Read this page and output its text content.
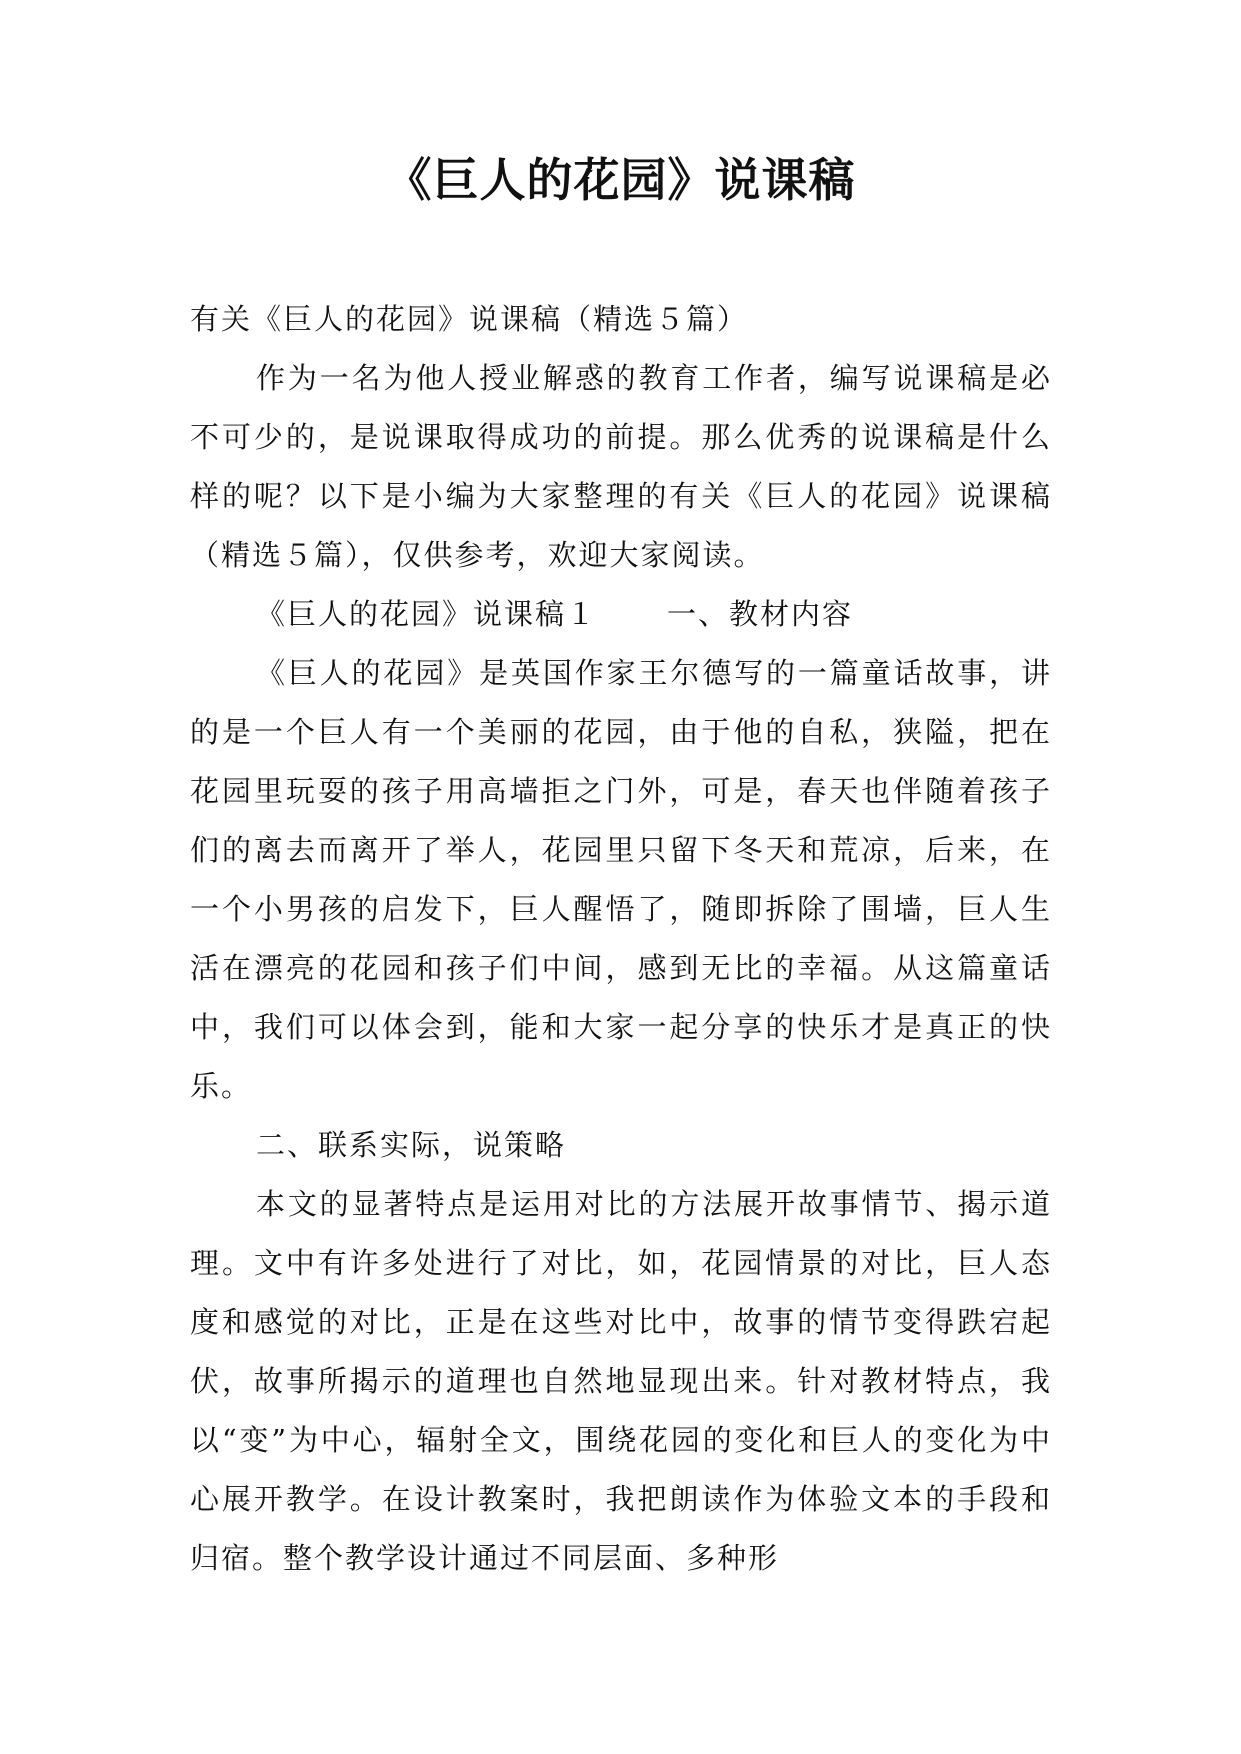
《巨人的花园》说课稿

有关《巨人的花园》说课稿（精选５篇）

作为一名为他人授业解惑的教育工作者，编写说课稿是必不可少的，是说课取得成功的前提。那么优秀的说课稿是什么样的呢？以下是小编为大家整理的有关《巨人的花园》说课稿（精选５篇），仅供参考，欢迎大家阅读。

《巨人的花园》说课稿１ 一、教材内容

《巨人的花园》是英国作家王尔德写的一篇童话故事，讲的是一个巨人有一个美丽的花园，由于他的自私，狭隘，把在花园里玩耍的孩子用高墙拒之门外，可是，春天也伴随着孩子们的离去而离开了举人，花园里只留下冬天和荒凉，后来，在一个小男孩的启发下，巨人醒悟了，随即拆除了围墙，巨人生活在漂亮的花园和孩子们中间，感到无比的幸福。从这篇童话中，我们可以体会到，能和大家一起分享的快乐才是真正的快乐。

二、联系实际，说策略

本文的显著特点是运用对比的方法展开故事情节、揭示道理。文中有许多处进行了对比，如，花园情景的对比，巨人态度和感觉的对比，正是在这些对比中，故事的情节变得跌宕起伏，故事所揭示的道理也自然地显现出来。针对教材特点，我以“变”为中心，辐射全文，围绕花园的变化和巨人的变化为中心展开教学。在设计教案时，我把朗读作为体验文本的手段和归宿。整个教学设计通过不同层面、多种形
